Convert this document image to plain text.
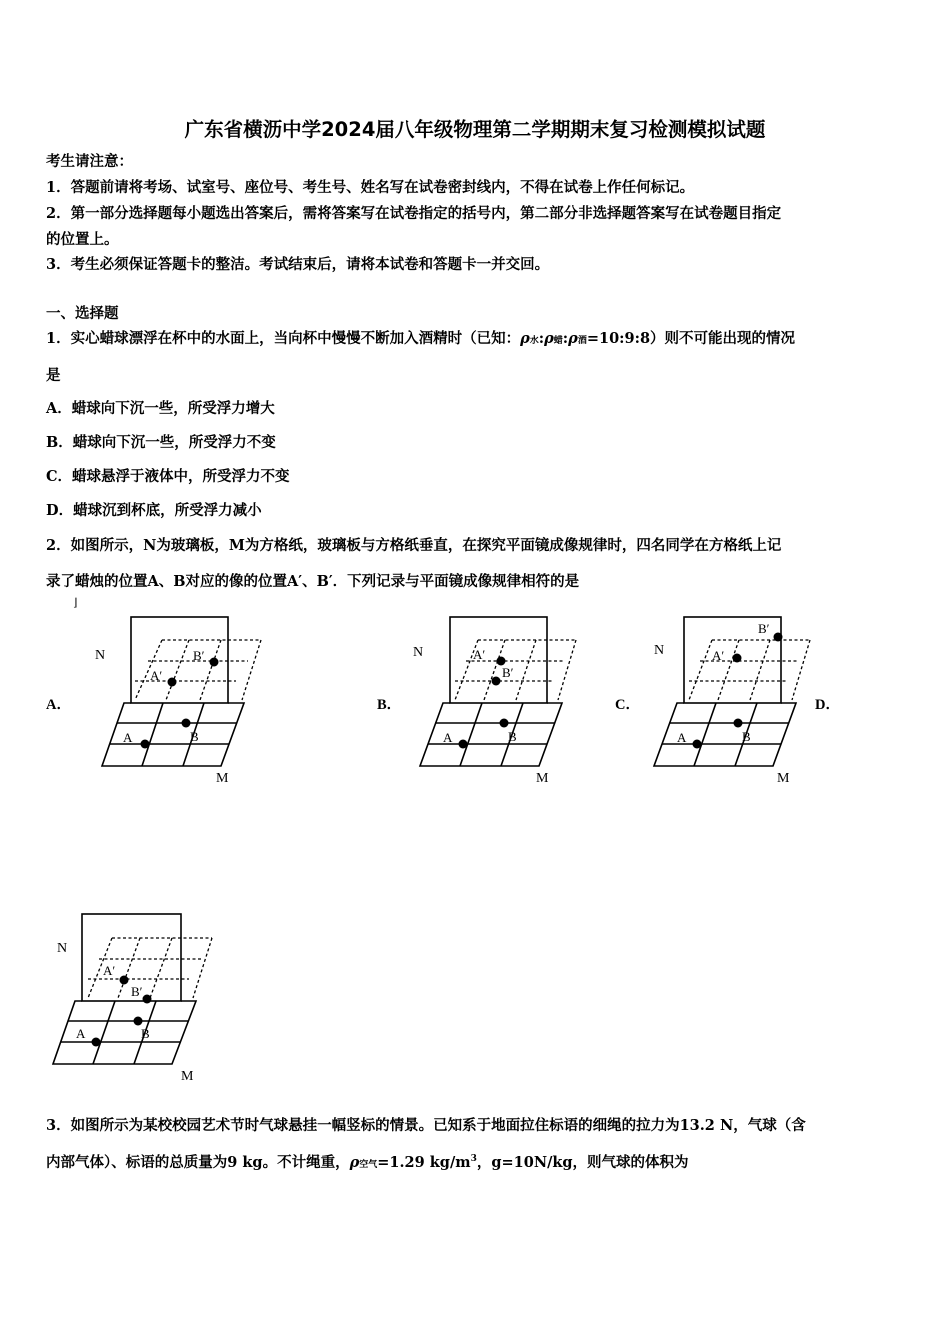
广东省横沥中学2024届八年级物理第二学期期末复习检测模拟试题
考生请注意：
1．答题前请将考场、试室号、座位号、考生号、姓名写在试卷密封线内，不得在试卷上作任何标记。
2．第一部分选择题每小题选出答案后，需将答案写在试卷指定的括号内，第二部分非选择题答案写在试卷题目指定
的位置上。
3．考生必须保证答题卡的整洁。考试结束后，请将本试卷和答题卡一并交回。
一、选择题
1．实心蜡球漂浮在杯中的水面上，当向杯中慢慢不断加入酒精时（已知：ρ水:ρ蜡:ρ酒=10:9:8）则不可能出现的情况
是
A．蜡球向下沉一些，所受浮力增大
B．蜡球向下沉一些，所受浮力不变
C．蜡球悬浮于液体中，所受浮力不变
D．蜡球沉到杯底，所受浮力减小
2．如图所示，N为玻璃板，M为方格纸，玻璃板与方格纸垂直，在探究平面镜成像规律时，四名同学在方格纸上记
录了蜡烛的位置A、B对应的像的位置A′、B′．下列记录与平面镜成像规律相符的是
⌋
A．	B．	C．	D．
N
A′
B′
A	B
M
N	A′
B′
A	B
M
N	A′
B′
A	B
M
N
A′
B′
A	B
M
3．如图所示为某校校园艺术节时气球悬挂一幅竖标的情景。已知系于地面拉住标语的细绳的拉力为13.2 N，气球（含
内部气体）、标语的总质量为9 kg。不计绳重，ρ空气=1.29 $kg/m^3$，g=10N/kg，则气球的体积为
